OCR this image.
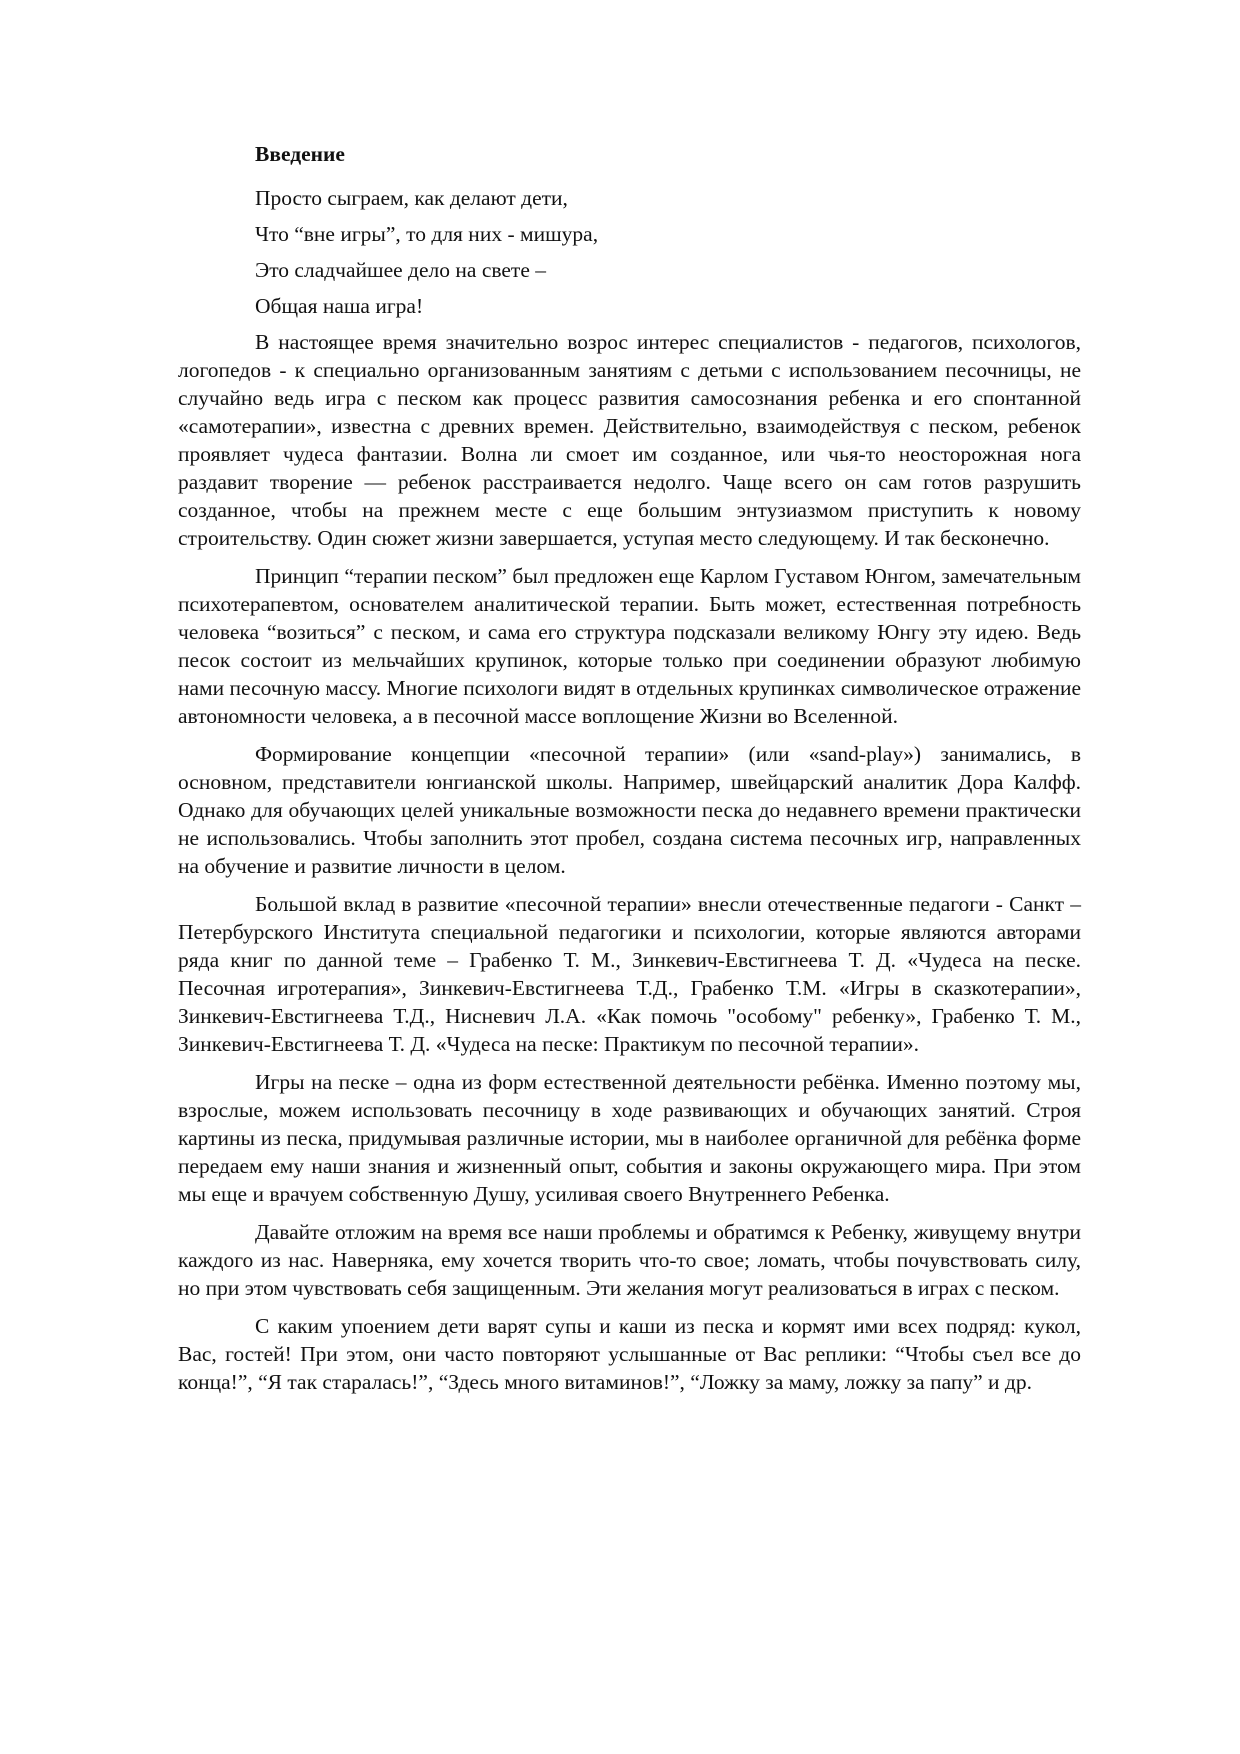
Введение
Просто сыграем, как делают дети,
Что “вне игры”, то для них - мишура,
Это сладчайшее дело на свете –
Общая наша игра!

В настоящее время значительно возрос интерес специалистов - педагогов, психологов, логопедов - к специально организованным занятиям с детьми с использованием песочницы, не случайно ведь игра с песком как процесс развития самосознания ребенка и его спонтанной «самотерапии», известна с древних времен. Действительно, взаимодействуя с песком, ребенок проявляет чудеса фантазии. Волна ли смоет им созданное, или чья-то неосторожная нога раздавит творение — ребенок расстраивается недолго. Чаще всего он сам готов разрушить созданное, чтобы на прежнем месте с еще большим энтузиазмом приступить к новому строительству. Один сюжет жизни завершается, уступая место следующему. И так бесконечно.

Принцип “терапии песком” был предложен еще Карлом Густавом Юнгом, замечательным психотерапевтом, основателем аналитической терапии. Быть может, естественная потребность человека “возиться” с песком, и сама его структура подсказали великому Юнгу эту идею. Ведь песок состоит из мельчайших крупинок, которые только при соединении образуют любимую нами песочную массу. Многие психологи видят в отдельных крупинках символическое отражение автономности человека, а в песочной массе воплощение Жизни во Вселенной.

Формирование концепции «песочной терапии» (или «sand-play») занимались, в основном, представители юнгианской школы. Например, швейцарский аналитик Дора Калфф. Однако для обучающих целей уникальные возможности песка до недавнего времени практически не использовались. Чтобы заполнить этот пробел, создана система песочных игр, направленных на обучение и развитие личности в целом.

Большой вклад в развитие «песочной терапии» внесли отечественные педагоги - Санкт – Петербурского Института специальной педагогики и психологии, которые являются авторами ряда книг по данной теме – Грабенко Т. М., Зинкевич-Евстигнеева Т. Д. «Чудеса на песке. Песочная игротерапия», Зинкевич-Евстигнеева Т.Д., Грабенко Т.М. «Игры в сказкотерапии», Зинкевич-Евстигнеева Т.Д., Нисневич Л.А. «Как помочь "особому" ребенку», Грабенко Т. М., Зинкевич-Евстигнеева Т. Д. «Чудеса на песке: Практикум по песочной терапии».

Игры на песке – одна из форм естественной деятельности ребёнка. Именно поэтому мы, взрослые, можем использовать песочницу в ходе развивающих и обучающих занятий. Строя картины из песка, придумывая различные истории, мы в наиболее органичной для ребёнка форме передаем ему наши знания и жизненный опыт, события и законы окружающего мира. При этом мы еще и врачуем собственную Душу, усиливая своего Внутреннего Ребенка.

Давайте отложим на время все наши проблемы и обратимся к Ребенку, живущему внутри каждого из нас. Наверняка, ему хочется творить что-то свое; ломать, чтобы почувствовать силу, но при этом чувствовать себя защищенным. Эти желания могут реализоваться в играх с песком.

С каким упоением дети варят супы и каши из песка и кормят ими всех подряд: кукол, Вас, гостей! При этом, они часто повторяют услышанные от Вас реплики: “Чтобы съел все до конца!”, “Я так старалась!”, “Здесь много витаминов!”, “Ложку за маму, ложку за папу” и др.
